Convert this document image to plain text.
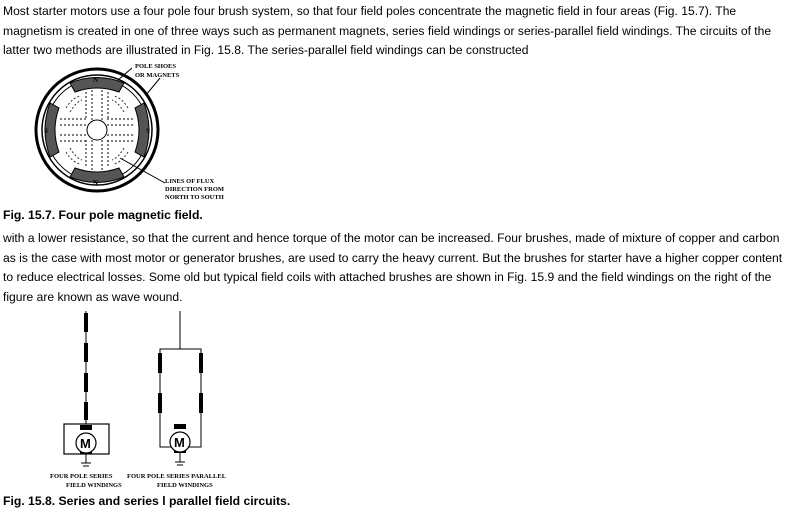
Most starter motors use a four pole four brush system, so that four field poles concentrate the magnetic field in four areas (Fig. 15.7). The magnetism is created in one of three ways such as permanent magnets, series field windings or series-parallel field windings. The circuits of the latter two methods are illustrated in Fig. 15.8. The series-parallel field windings can be constructed

N
N
S	S
POLE SHOES
OR MAGNETS
LINES OF FLUX
DIRECTION FROM
NORTH TO SOUTH

Fig. 15.7. Four pole magnetic field.

with a lower resistance, so that the current and hence torque of the motor can be increased. Four brushes, made of mixture of copper and carbon as is the case with most motor or generator brushes, are used to carry the heavy current. But the brushes for starter have a higher copper content to reduce electrical losses. Some old but typical field coils with attached brushes are shown in Fig. 15.9 and the field windings on the right of the figure are known as wave wound.

M
FOUR POLE SERIES
FIELD WINDINGS
M
FOUR POLE SERIES PARALLEL
FIELD WINDINGS

Fig. 15.8. Series and series l parallel field circuits.
